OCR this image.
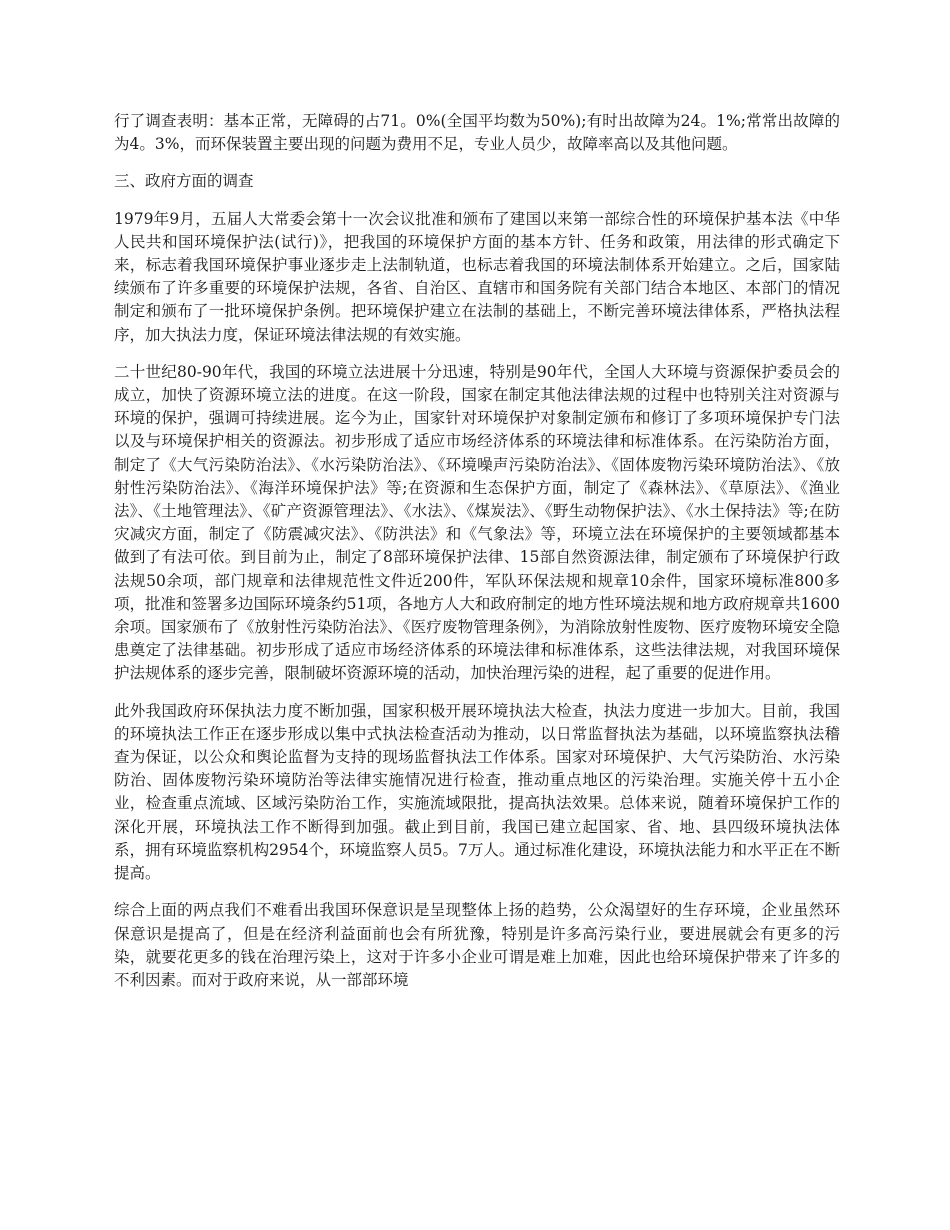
行了调查表明：基本正常，无障碍的占71。0%(全国平均数为50%);有时出故障为24。1%;常常出故障的为4。3%，而环保装置主要出现的问题为费用不足，专业人员少，故障率高以及其他问题。

三、政府方面的调查

1979年9月，五届人大常委会第十一次会议批准和颁布了建国以来第一部综合性的环境保护基本法《中华人民共和国环境保护法(试行)》，把我国的环境保护方面的基本方针、任务和政策，用法律的形式确定下来，标志着我国环境保护事业逐步走上法制轨道，也标志着我国的环境法制体系开始建立。之后，国家陆续颁布了许多重要的环境保护法规，各省、自治区、直辖市和国务院有关部门结合本地区、本部门的情况制定和颁布了一批环境保护条例。把环境保护建立在法制的基础上，不断完善环境法律体系，严格执法程序，加大执法力度，保证环境法律法规的有效实施。

二十世纪80-90年代，我国的环境立法进展十分迅速，特别是90年代，全国人大环境与资源保护委员会的成立，加快了资源环境立法的进度。在这一阶段，国家在制定其他法律法规的过程中也特别关注对资源与环境的保护，强调可持续进展。迄今为止，国家针对环境保护对象制定颁布和修订了多项环境保护专门法以及与环境保护相关的资源法。初步形成了适应市场经济体系的环境法律和标准体系。在污染防治方面，制定了《大气污染防治法》、《水污染防治法》、《环境噪声污染防治法》、《固体废物污染环境防治法》、《放射性污染防治法》、《海洋环境保护法》等;在资源和生态保护方面，制定了《森林法》、《草原法》、《渔业法》、《土地管理法》、《矿产资源管理法》、《水法》、《煤炭法》、《野生动物保护法》、《水土保持法》等;在防灾减灾方面，制定了《防震减灾法》、《防洪法》和《气象法》等，环境立法在环境保护的主要领域都基本做到了有法可依。到目前为止，制定了8部环境保护法律、15部自然资源法律，制定颁布了环境保护行政法规50余项，部门规章和法律规范性文件近200件，军队环保法规和规章10余件，国家环境标准800多项，批准和签署多边国际环境条约51项，各地方人大和政府制定的地方性环境法规和地方政府规章共1600余项。国家颁布了《放射性污染防治法》、《医疗废物管理条例》，为消除放射性废物、医疗废物环境安全隐患奠定了法律基础。初步形成了适应市场经济体系的环境法律和标准体系，这些法律法规，对我国环境保护法规体系的逐步完善，限制破坏资源环境的活动，加快治理污染的进程，起了重要的促进作用。

此外我国政府环保执法力度不断加强，国家积极开展环境执法大检查，执法力度进一步加大。目前，我国的环境执法工作正在逐步形成以集中式执法检查活动为推动，以日常监督执法为基础，以环境监察执法稽查为保证，以公众和舆论监督为支持的现场监督执法工作体系。国家对环境保护、大气污染防治、水污染防治、固体废物污染环境防治等法律实施情况进行检查，推动重点地区的污染治理。实施关停十五小企业，检查重点流域、区域污染防治工作，实施流域限批，提高执法效果。总体来说，随着环境保护工作的深化开展，环境执法工作不断得到加强。截止到目前，我国已建立起国家、省、地、县四级环境执法体系，拥有环境监察机构2954个，环境监察人员5。7万人。通过标准化建设，环境执法能力和水平正在不断提高。

综合上面的两点我们不难看出我国环保意识是呈现整体上扬的趋势，公众渴望好的生存环境，企业虽然环保意识是提高了，但是在经济利益面前也会有所犹豫，特别是许多高污染行业，要进展就会有更多的污染，就要花更多的钱在治理污染上，这对于许多小企业可谓是难上加难，因此也给环境保护带来了许多的不利因素。而对于政府来说，从一部部环境
